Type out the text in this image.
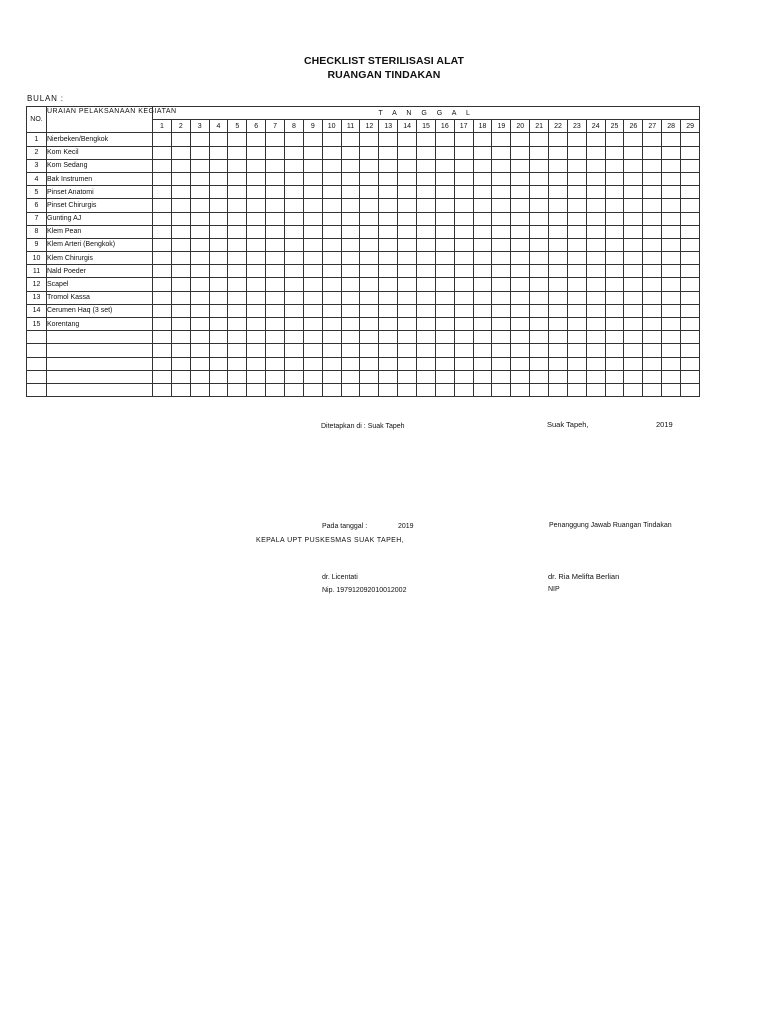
CHECKLIST STERILISASI ALAT
RUANGAN TINDAKAN
BULAN :
NO.	URAIAN PELAKSANAAN KEGIATAN	T A N G G A L																												
		1	2	3	4	5	6	7	8	9	10	11	12	13	14	15	16	17	18	19	20	21	22	23	24	25	26	27	28	29
1	Nierbeken/Bengkok																													
2	Kom Kecil																													
3	Kom Sedang																													
4	Bak Instrumen																													
5	Pinset Anatomi																													
6	Pinset Chirurgis																													
7	Gunting AJ																													
8	Klem Pean																													
9	Klem Arteri (Bengkok)																													
10	Klem Chirurgis																													
11	Nald Poeder																													
12	Scapel																													
13	Tromol Kassa																													
14	Cerumen Haq (3 set)																													
15	Korentang																													

Ditetapkan di : Suak Tapeh	Suak Tapeh,	2019
Pada tanggal :	2019	Penanggung Jawab Ruangan Tindakan
KEPALA UPT PUSKESMAS SUAK TAPEH,
dr. Licentati
Nip. 197912092010012002
dr. Ria Melifta Berlian
NIP
